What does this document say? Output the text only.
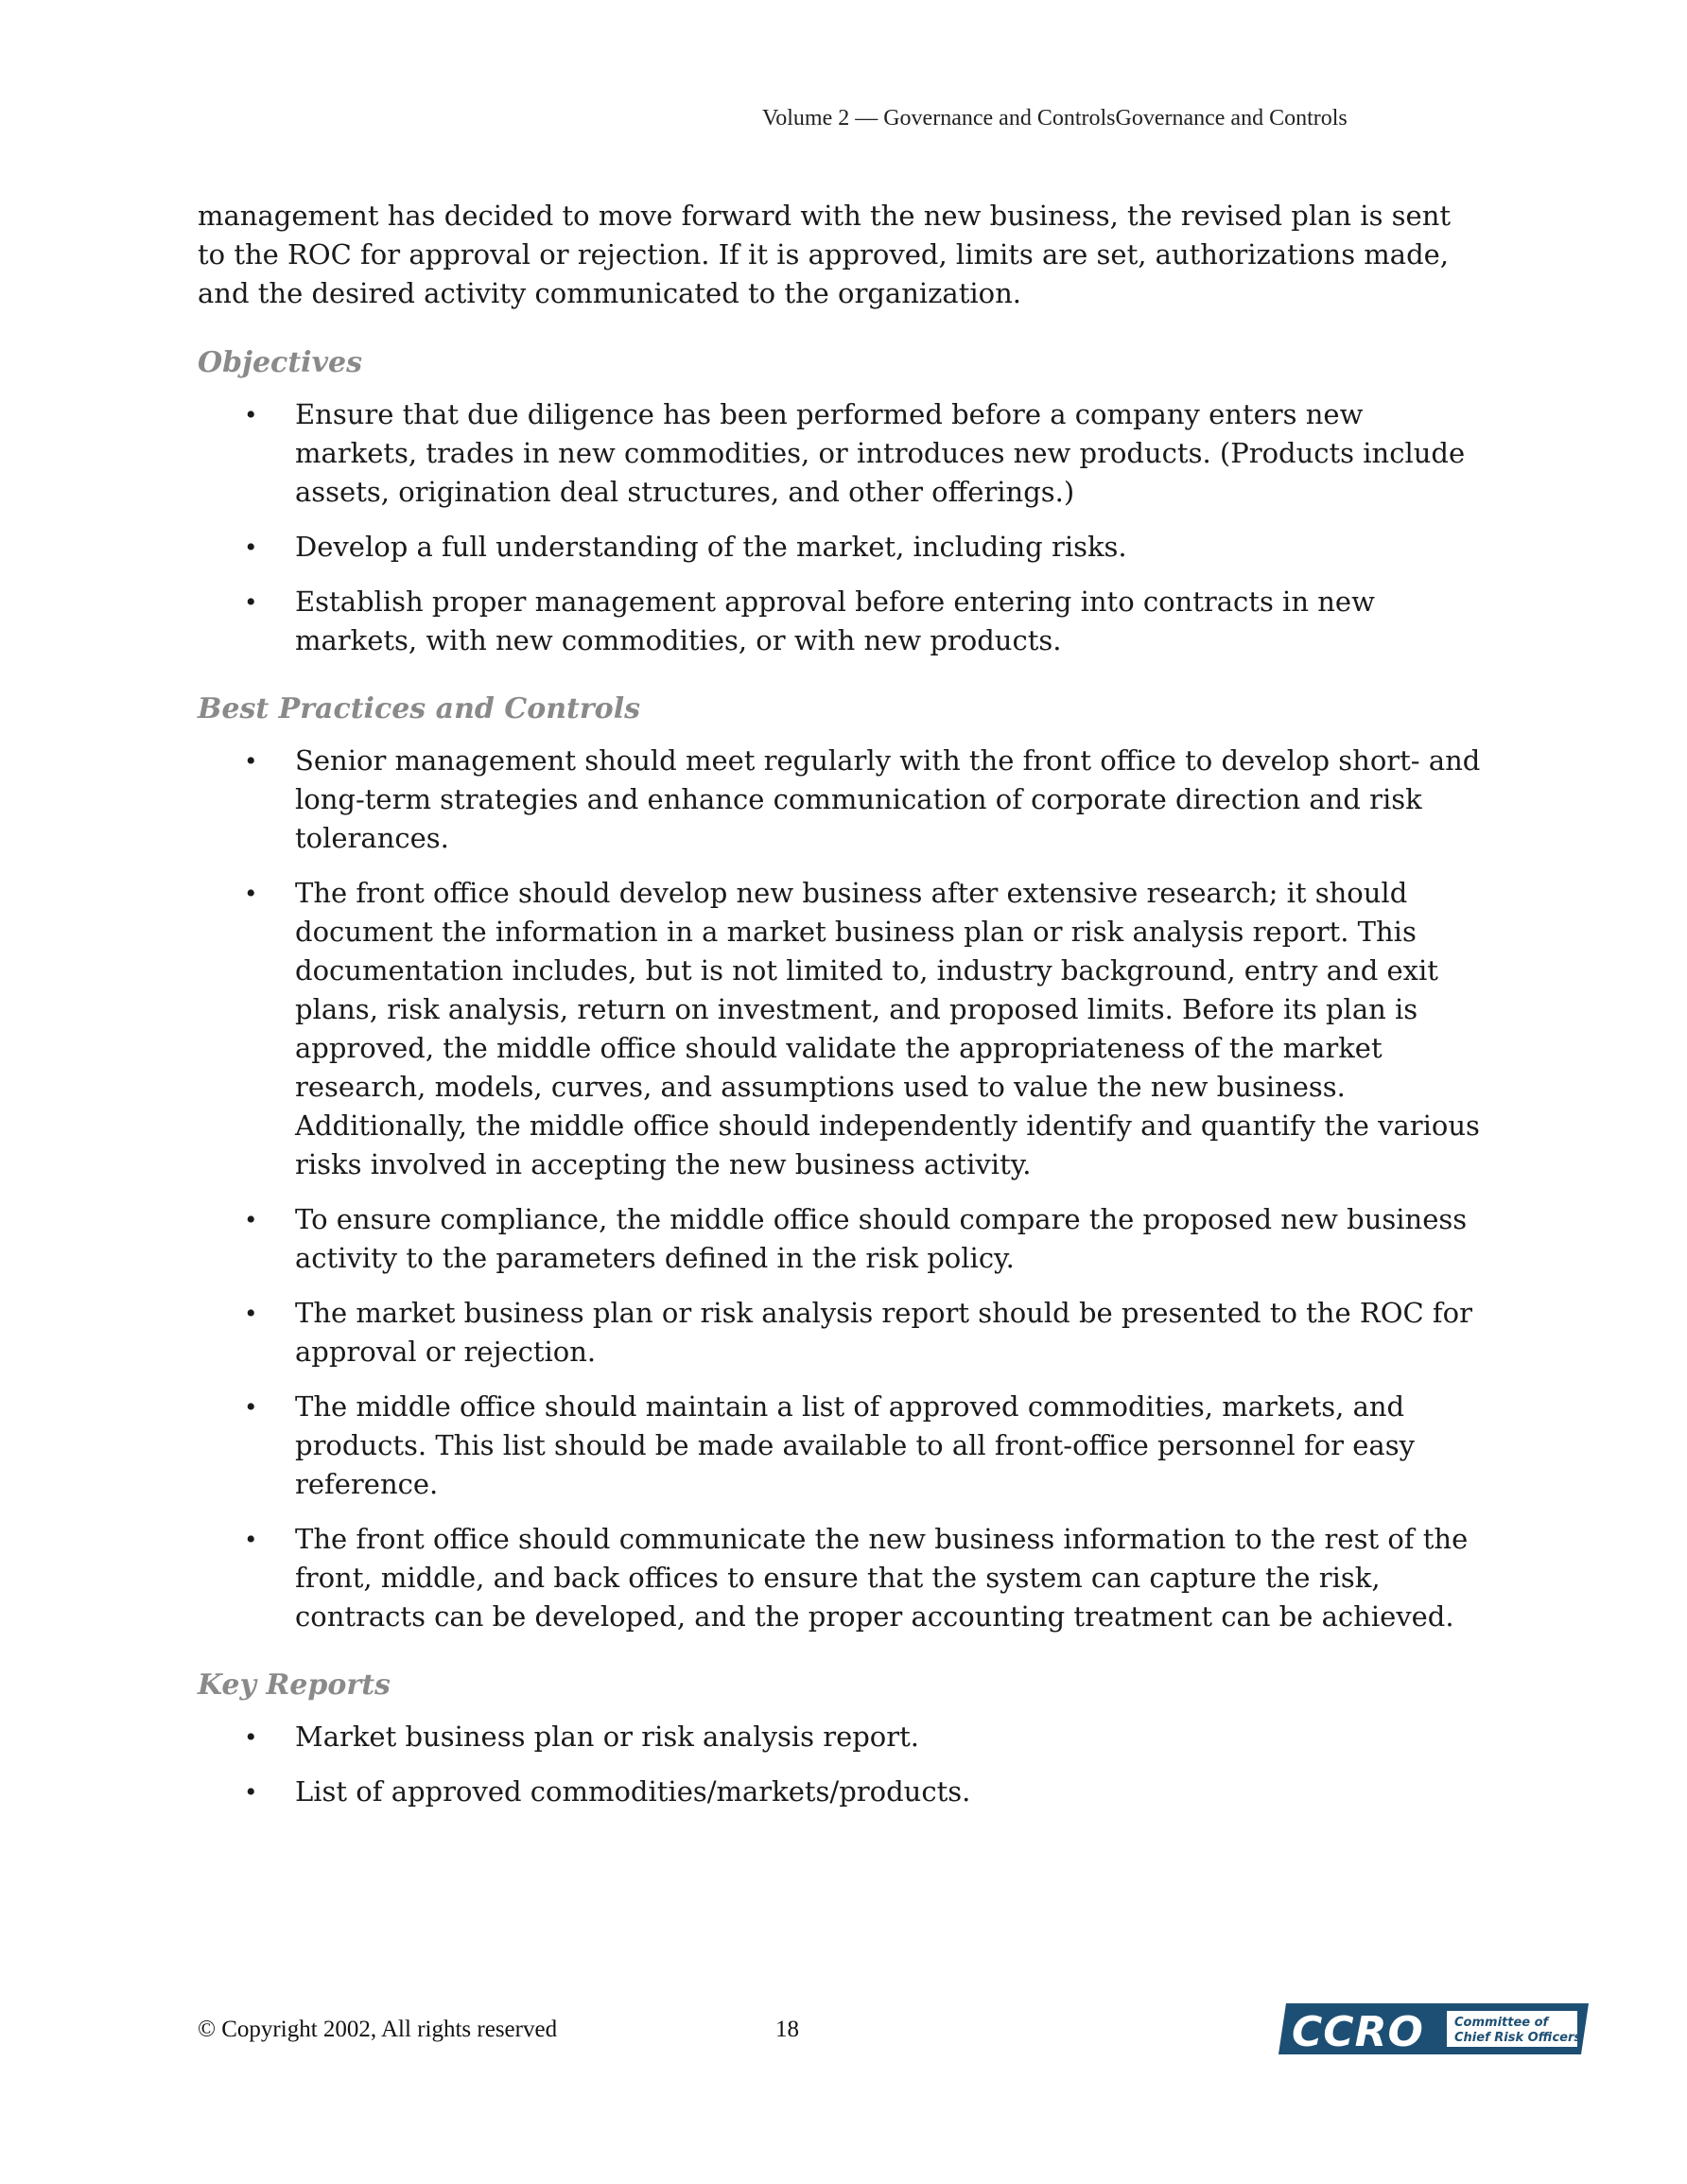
Volume 2 — Governance and ControlsGovernance and Controls

management has decided to move forward with the new business, the revised plan is sent to the ROC for approval or rejection. If it is approved, limits are set, authorizations made, and the desired activity communicated to the organization.

Objectives
• Ensure that due diligence has been performed before a company enters new markets, trades in new commodities, or introduces new products. (Products include assets, origination deal structures, and other offerings.)
• Develop a full understanding of the market, including risks.
• Establish proper management approval before entering into contracts in new markets, with new commodities, or with new products.
Best Practices and Controls
• Senior management should meet regularly with the front office to develop short- and long-term strategies and enhance communication of corporate direction and risk tolerances.
• The front office should develop new business after extensive research; it should document the information in a market business plan or risk analysis report. This documentation includes, but is not limited to, industry background, entry and exit plans, risk analysis, return on investment, and proposed limits. Before its plan is approved, the middle office should validate the appropriateness of the market research, models, curves, and assumptions used to value the new business. Additionally, the middle office should independently identify and quantify the various risks involved in accepting the new business activity.
• To ensure compliance, the middle office should compare the proposed new business activity to the parameters defined in the risk policy.
• The market business plan or risk analysis report should be presented to the ROC for approval or rejection.
• The middle office should maintain a list of approved commodities, markets, and products. This list should be made available to all front-office personnel for easy reference.
• The front office should communicate the new business information to the rest of the front, middle, and back offices to ensure that the system can capture the risk, contracts can be developed, and the proper accounting treatment can be achieved.
Key Reports
• Market business plan or risk analysis report.
• List of approved commodities/markets/products.
© Copyright 2002, All rights reserved	18	CCRO Committee of
Chief Risk Officers
